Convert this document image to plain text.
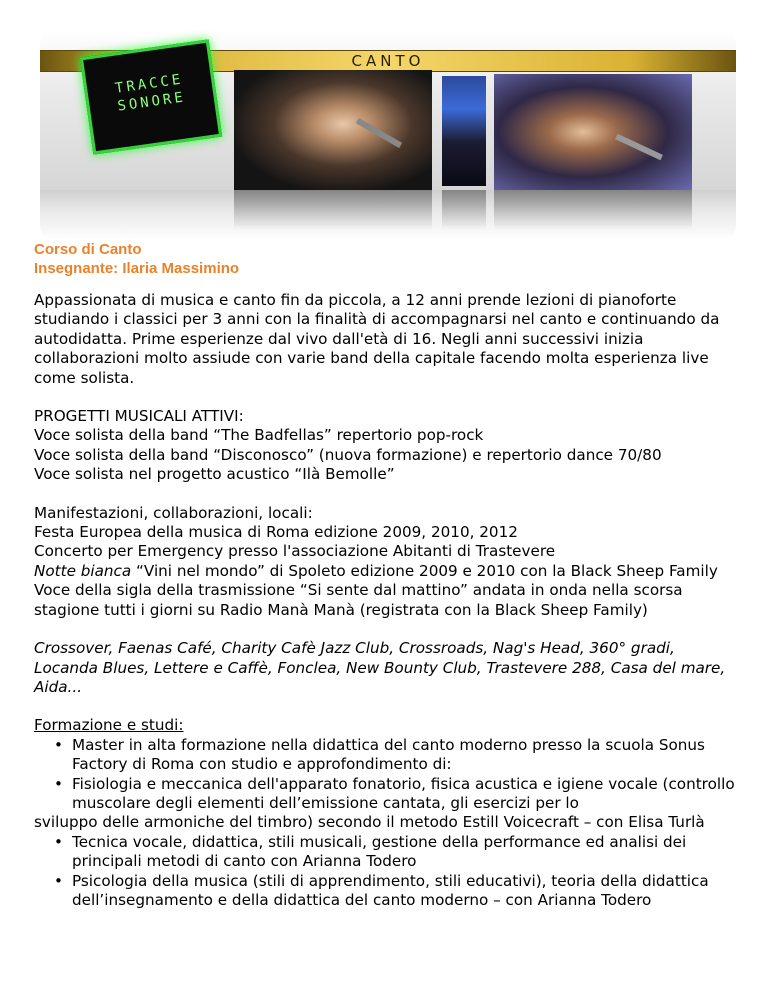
CANTO
TRACCE
SONORE
Corso di Canto
Insegnante: Ilaria Massimino

Appassionata di musica e canto fin da piccola, a 12 anni prende lezioni di pianoforte studiando i classici per 3 anni con la finalità di accompagnarsi nel canto e continuando da autodidatta. Prime esperienze dal vivo dall'età di 16. Negli anni successivi inizia collaborazioni molto assiude con varie band della capitale facendo molta esperienza live come solista.

PROGETTI MUSICALI ATTIVI:

Voce solista della band “The Badfellas” repertorio pop-rock

Voce solista della band “Disconosco” (nuova formazione) e repertorio dance 70/80

Voce solista nel progetto acustico “Ilà Bemolle”

Manifestazioni, collaborazioni, locali:

Festa Europea della musica di Roma edizione 2009, 2010, 2012

Concerto per Emergency presso l'associazione Abitanti di Trastevere

Notte bianca “Vini nel mondo” di Spoleto edizione 2009 e 2010 con la Black Sheep Family

Voce della sigla della trasmissione “Si sente dal mattino” andata in onda nella scorsa stagione tutti i giorni su Radio Manà Manà (registrata con la Black Sheep Family)

Crossover, Faenas Café, Charity Cafè Jazz Club, Crossroads, Nag's Head, 360° gradi, Locanda Blues, Lettere e Caffè, Fonclea, New Bounty Club, Trastevere 288, Casa del mare, Aida...

Formazione e studi:

• Master in alta formazione nella didattica del canto moderno presso la scuola Sonus Factory di Roma con studio e approfondimento di:
• Fisiologia e meccanica dell'apparato fonatorio, fisica acustica e igiene vocale (controllo muscolare degli elementi dell’emissione cantata, gli esercizi per lo

sviluppo delle armoniche del timbro) secondo il metodo Estill Voicecraft – con Elisa Turlà

• Tecnica vocale, didattica, stili musicali, gestione della performance ed analisi dei principali metodi di canto con Arianna Todero
• Psicologia della musica (stili di apprendimento, stili educativi), teoria della didattica dell’insegnamento e della didattica del canto moderno – con Arianna Todero
